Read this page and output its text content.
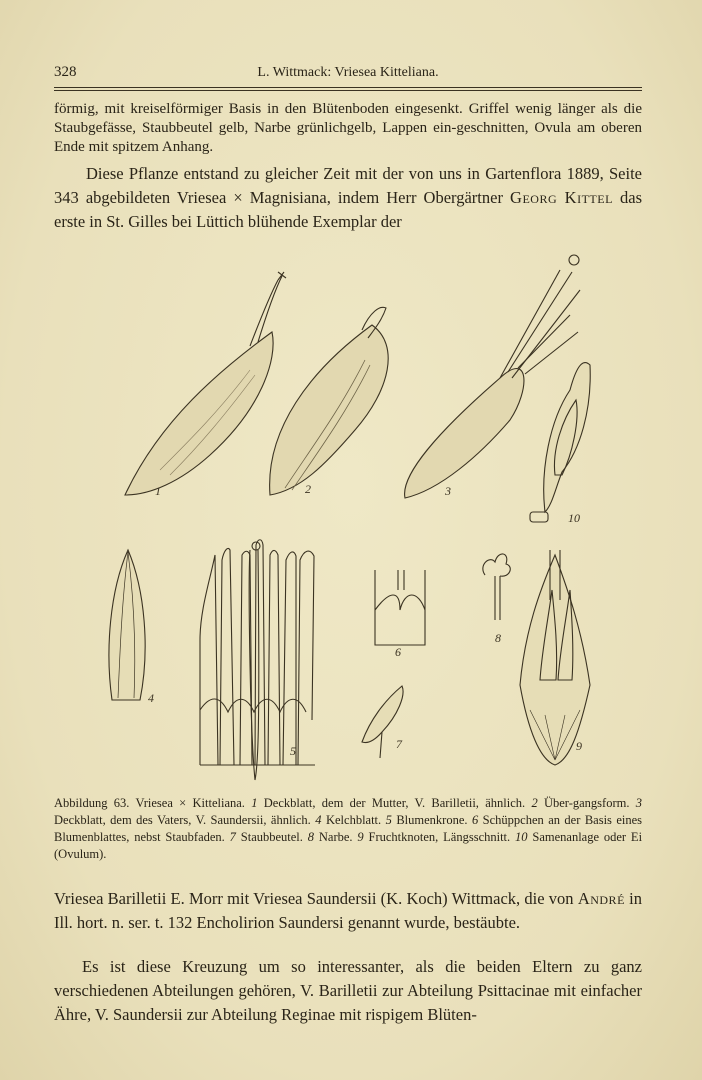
328	L. Wittmack: Vriesea Kitteliana.
förmig, mit kreiselförmiger Basis in den Blütenboden eingesenkt. Griffel wenig länger als die Staubgefässe, Staubbeutel gelb, Narbe grünlichgelb, Lappen ein-geschnitten, Ovula am oberen Ende mit spitzem Anhang.
Diese Pflanze entstand zu gleicher Zeit mit der von uns in Gartenflora 1889, Seite 343 abgebildeten Vriesea × Magnisiana, indem Herr Obergärtner Georg Kittel das erste in St. Gilles bei Lüttich blühende Exemplar der
1	2	3
4
5
6
7
8
9
10
Abbildung 63. Vriesea × Kitteliana. 1 Deckblatt, dem der Mutter, V. Barilletii, ähnlich. 2 Über-gangsform. 3 Deckblatt, dem des Vaters, V. Saundersii, ähnlich. 4 Kelchblatt. 5 Blumenkrone. 6 Schüppchen an der Basis eines Blumenblattes, nebst Staubfaden. 7 Staubbeutel. 8 Narbe. 9 Fruchtknoten, Längsschnitt. 10 Samenanlage oder Ei (Ovulum).
Vriesea Barilletii E. Morr mit Vriesea Saundersii (K. Koch) Wittmack, die von André in Ill. hort. n. ser. t. 132 Encholirion Saundersi genannt wurde, bestäubte.
Es ist diese Kreuzung um so interessanter, als die beiden Eltern zu ganz verschiedenen Abteilungen gehören, V. Barilletii zur Abteilung Psittacinae mit einfacher Ähre, V. Saundersii zur Abteilung Reginae mit rispigem Blüten-
